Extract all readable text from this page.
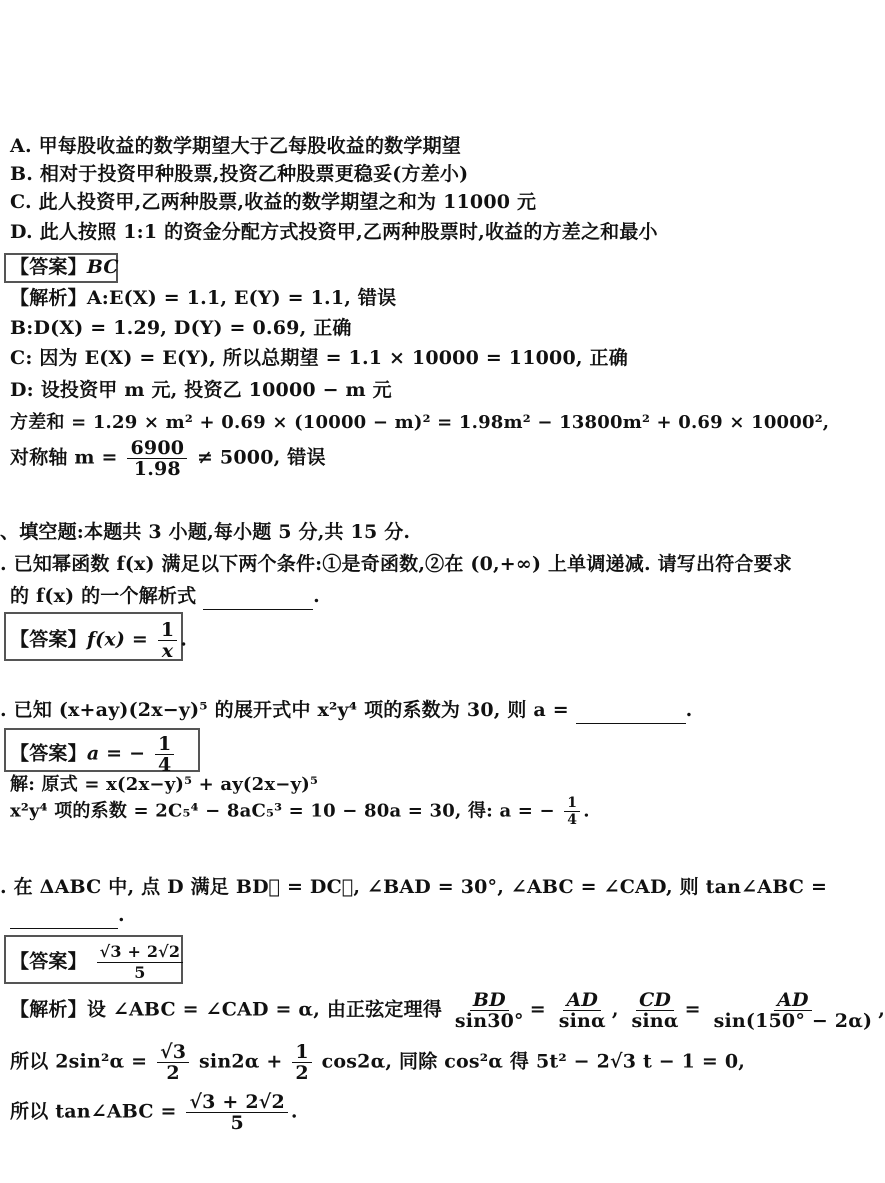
A. 甲每股收益的数学期望大于乙每股收益的数学期望
B. 相对于投资甲种股票,投资乙种股票更稳妥(方差小)
C. 此人投资甲,乙两种股票,收益的数学期望之和为 11000 元
D. 此人按照 1:1 的资金分配方式投资甲,乙两种股票时,收益的方差之和最小
【答案】BC
【解析】A:E(X) = 1.1, E(Y) = 1.1, 错误
B:D(X) = 1.29, D(Y) = 0.69, 正确
C: 因为 E(X) = E(Y), 所以总期望 = 1.1 × 10000 = 11000, 正确
D: 设投资甲 m 元, 投资乙 10000 − m 元
方差和 = 1.29 × m² + 0.69 × (10000 − m)² = 1.98m² − 13800m² + 0.69 × 10000²,
对称轴 $m = \frac{6900}{1.98} \ne 5000$, 错误
、填空题:本题共 3 小题,每小题 5 分,共 15 分.
. 已知幂函数 f(x) 满足以下两个条件:①是奇函数,②在 (0,+∞) 上单调递减. 请写出符合要求
的 f(x) 的一个解析式	.
【答案】$f(x) = \frac{1}{x}$ .
. 已知 (x+ay)(2x−y)⁵ 的展开式中 x²y⁴ 项的系数为 30, 则 a =	.
【答案】a = − $\frac{1}{4}$
解: 原式 = x(2x−y)⁵ + ay(2x−y)⁵
x²y⁴ 项的系数 = 2C₅⁴ − 8aC₅³ = 10 − 80a = 30, 得: a = − $\frac{1}{4}$ .
. 在 ΔABC 中, 点 D 满足 BD⃗ = DC⃗, ∠BAD = 30°, ∠ABC = ∠CAD, 则 tan∠ABC =
.
【答案】 $\frac{√3 + 2√2}{5}$
【解析】设 ∠ABC = ∠CAD = α, 由正弦定理得 $\frac{BD}{\sin 30^\circ} = \frac{AD}{\sin\alpha}$ , $\frac{CD}{\sin\alpha} = \frac{AD}{\sin(150^\circ - 2\alpha)}$ ,
所以 $2\sin^2\alpha = \frac{√3}{2} \sin 2\alpha + \frac{1}{2} \cos 2\alpha$, 同除 cos²α 得 5t² − 2√3 t − 1 = 0,
所以 tan∠ABC = $\frac{√3 + 2√2}{5}$ .
